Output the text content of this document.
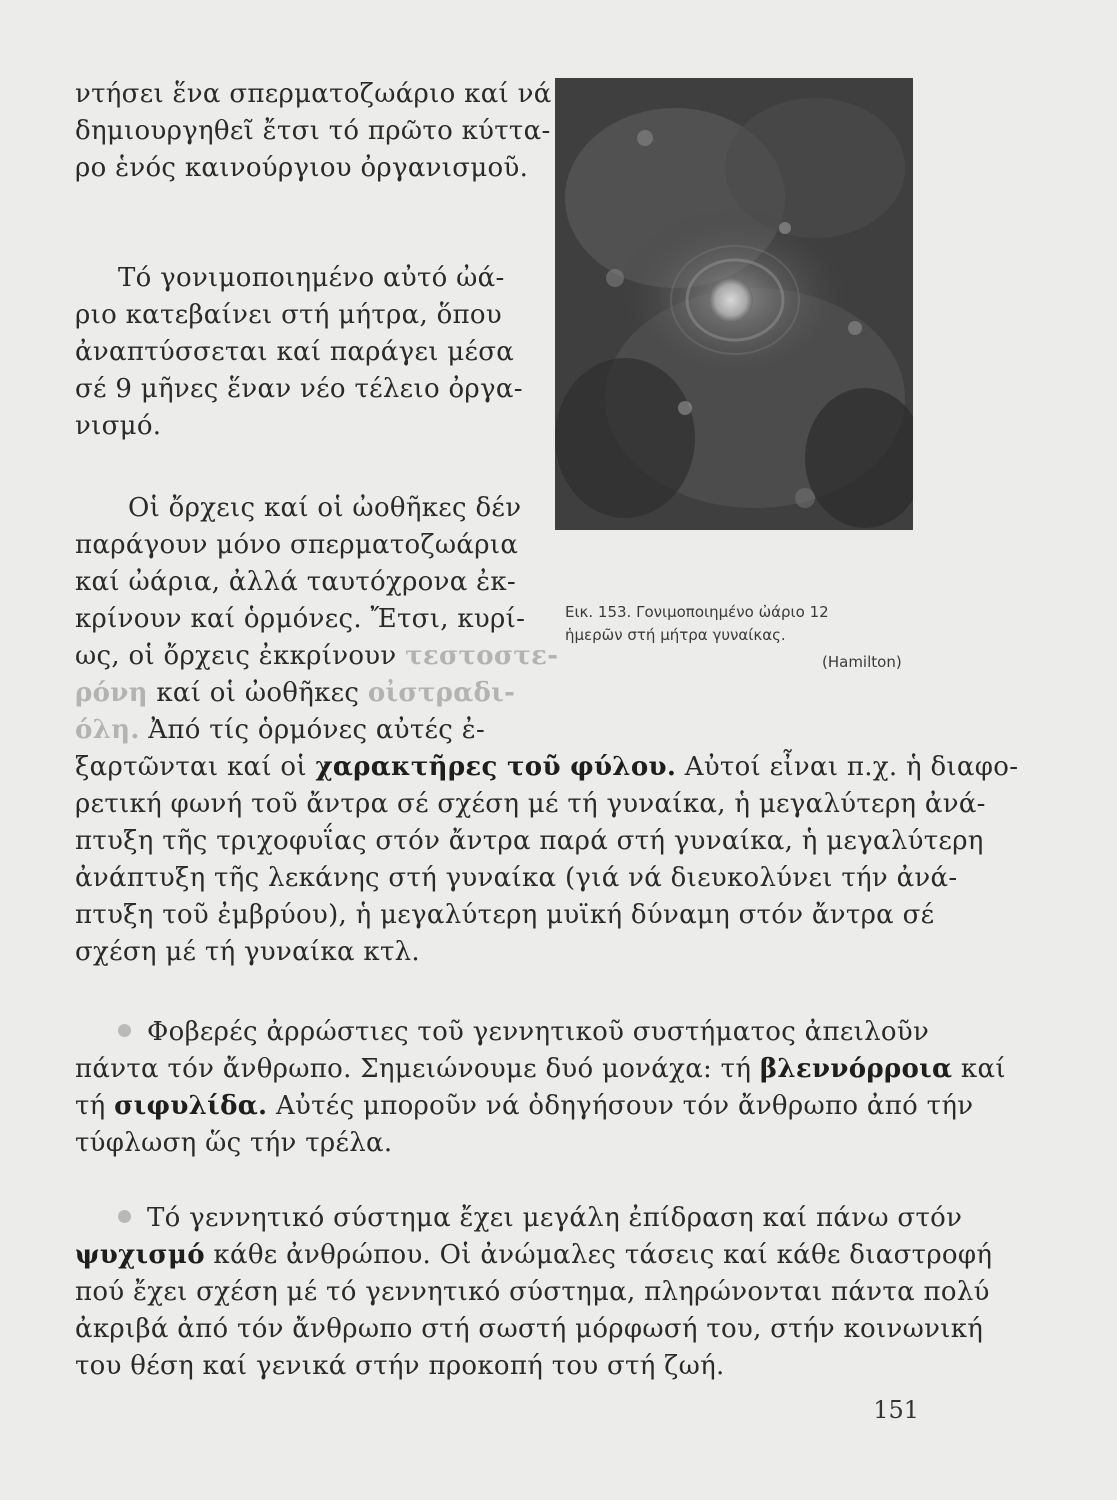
ντήσει ἕνα σπερματοζωάριο καί νά
δημιουργηθεῖ ἔτσι τό πρῶτο κύττα-
ρο ἑνός καινούργιου ὀργανισμοῦ.
Τό γονιμοποιημένο αὐτό ὠά-
ριο κατεβαίνει στή μήτρα, ὅπου
ἀναπτύσσεται καί παράγει μέσα
σέ 9 μῆνες ἕναν νέο τέλειο ὀργα-
νισμό.
Οἱ ὄρχεις καί οἱ ὠοθῆκες δέν
παράγουν μόνο σπερματοζωάρια
καί ὠάρια, ἀλλά ταυτόχρονα ἐκ-
κρίνουν καί ὁρμόνες. Ἔτσι, κυρί-
ως, οἱ ὄρχεις ἐκκρίνουν τεστοστε-
ρόνη καί οἱ ὠοθῆκες οἰστραδι-
όλη. Ἀπό τίς ὁρμόνες αὐτές ἐ-
Εικ. 153. Γονιμοποιημένο ὠάριο 12
ἡμερῶν στή μήτρα γυναίκας.
(Hamilton)
ξαρτῶνται καί οἱ χαρακτῆρες τοῦ φύλου. Αὐτοί εἶναι π.χ. ἡ διαφο-
ρετική φωνή τοῦ ἄντρα σέ σχέση μέ τή γυναίκα, ἡ μεγαλύτερη ἀνά-
πτυξη τῆς τριχοφυΐας στόν ἄντρα παρά στή γυναίκα, ἡ μεγαλύτερη
ἀνάπτυξη τῆς λεκάνης στή γυναίκα (γιά νά διευκολύνει τήν ἀνά-
πτυξη τοῦ ἐμβρύου), ἡ μεγαλύτερη μυϊκή δύναμη στόν ἄντρα σέ
σχέση μέ τή γυναίκα κτλ.
Φοβερές ἀρρώστιες τοῦ γεννητικοῦ συστήματος ἀπειλοῦν
πάντα τόν ἄνθρωπο. Σημειώνουμε δυό μονάχα: τή βλεννόρροια καί
τή σιφυλίδα. Αὐτές μποροῦν νά ὁδηγήσουν τόν ἄνθρωπο ἀπό τήν
τύφλωση ὥς τήν τρέλα.
Τό γεννητικό σύστημα ἔχει μεγάλη ἐπίδραση καί πάνω στόν
ψυχισμό κάθε ἀνθρώπου. Οἱ ἀνώμαλες τάσεις καί κάθε διαστροφή
πού ἔχει σχέση μέ τό γεννητικό σύστημα, πληρώνονται πάντα πολύ
ἀκριβά ἀπό τόν ἄνθρωπο στή σωστή μόρφωσή του, στήν κοινωνική
του θέση καί γενικά στήν προκοπή του στή ζωή.
151
